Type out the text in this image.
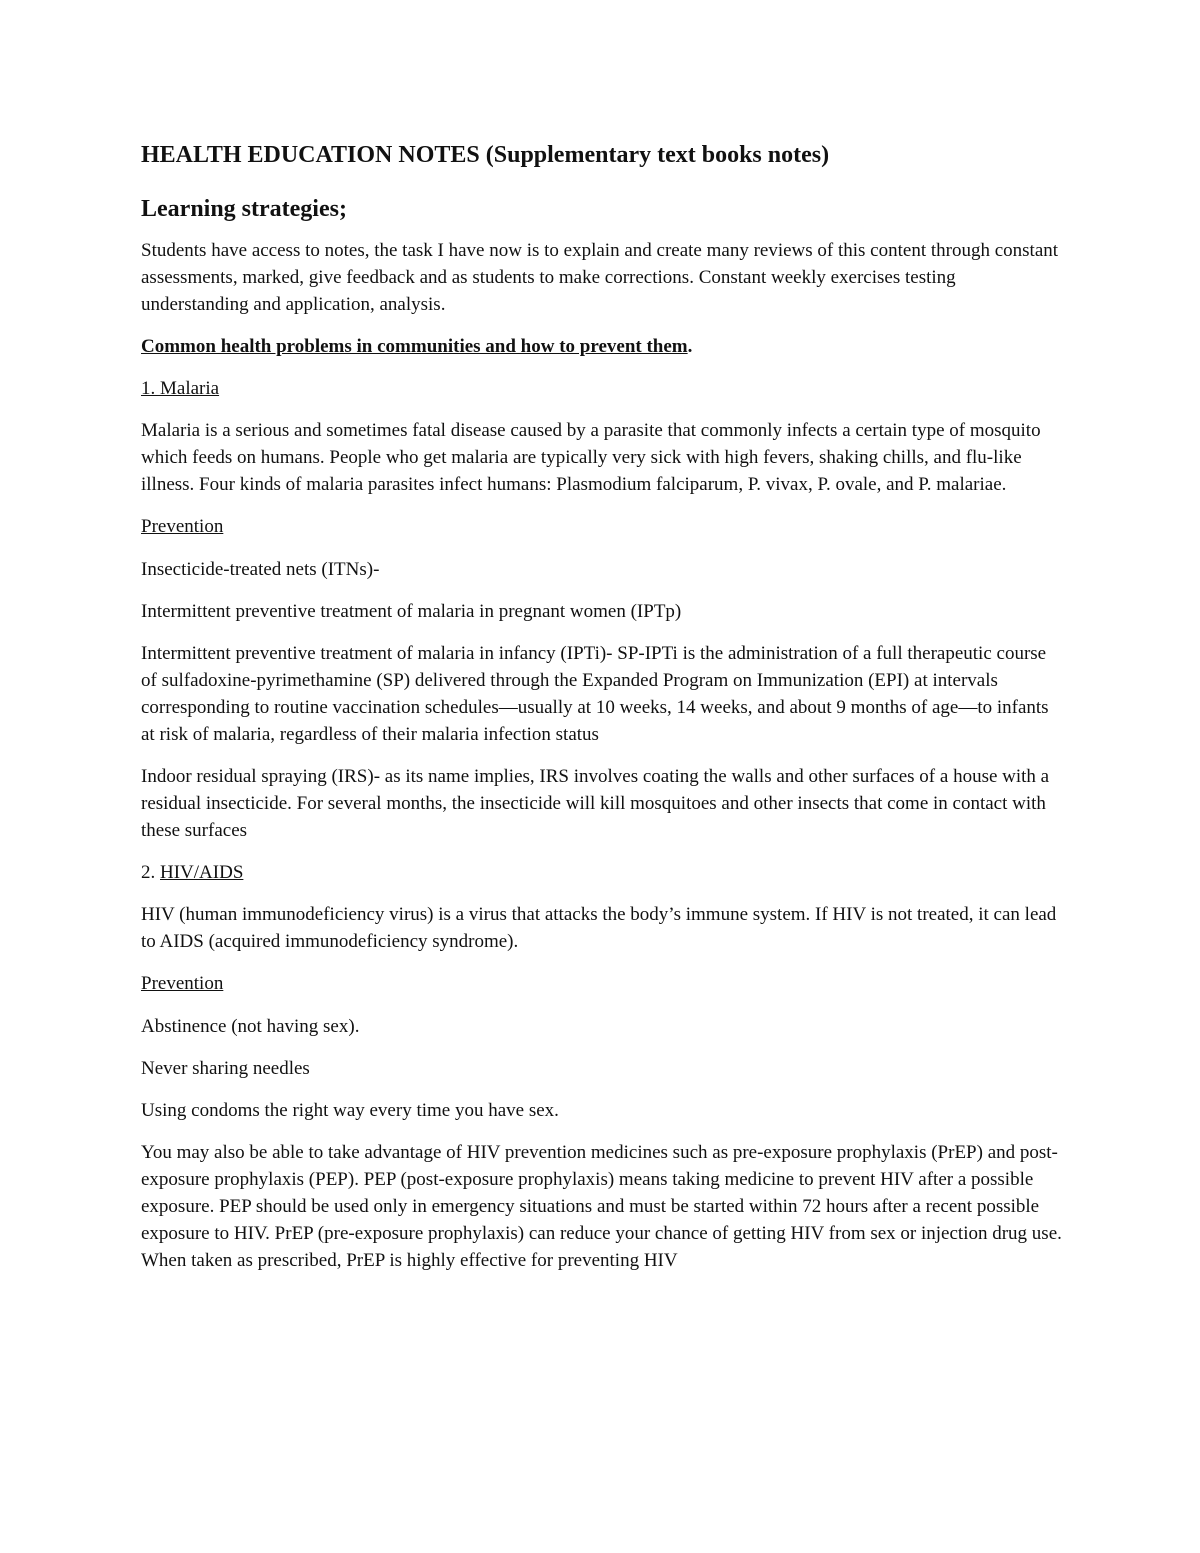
HEALTH EDUCATION NOTES (Supplementary text books notes)
Learning strategies;

Students have access to notes, the task I have now is to explain and create many reviews of this content through constant assessments, marked, give feedback and as students to make corrections. Constant weekly exercises testing understanding and application, analysis.

Common health problems in communities and how to prevent them.

1. Malaria

Malaria is a serious and sometimes fatal disease caused by a parasite that commonly infects a certain type of mosquito which feeds on humans. People who get malaria are typically very sick with high fevers, shaking chills, and flu-like illness. Four kinds of malaria parasites infect humans: Plasmodium falciparum, P. vivax, P. ovale, and P. malariae.

Prevention

Insecticide-treated nets (ITNs)-

Intermittent preventive treatment of malaria in pregnant women (IPTp)

Intermittent preventive treatment of malaria in infancy (IPTi)- SP-IPTi is the administration of a full therapeutic course of sulfadoxine-pyrimethamine (SP) delivered through the Expanded Program on Immunization (EPI) at intervals corresponding to routine vaccination schedules—usually at 10 weeks, 14 weeks, and about 9 months of age—to infants at risk of malaria, regardless of their malaria infection status

Indoor residual spraying (IRS)- as its name implies, IRS involves coating the walls and other surfaces of a house with a residual insecticide. For several months, the insecticide will kill mosquitoes and other insects that come in contact with these surfaces

2. HIV/AIDS

HIV (human immunodeficiency virus) is a virus that attacks the body’s immune system. If HIV is not treated, it can lead to AIDS (acquired immunodeficiency syndrome).

Prevention

Abstinence (not having sex).

Never sharing needles

Using condoms the right way every time you have sex.

You may also be able to take advantage of HIV prevention medicines such as pre-exposure prophylaxis (PrEP) and post-exposure prophylaxis (PEP). PEP (post-exposure prophylaxis) means taking medicine to prevent HIV after a possible exposure. PEP should be used only in emergency situations and must be started within 72 hours after a recent possible exposure to HIV. PrEP (pre-exposure prophylaxis) can reduce your chance of getting HIV from sex or injection drug use. When taken as prescribed, PrEP is highly effective for preventing HIV
